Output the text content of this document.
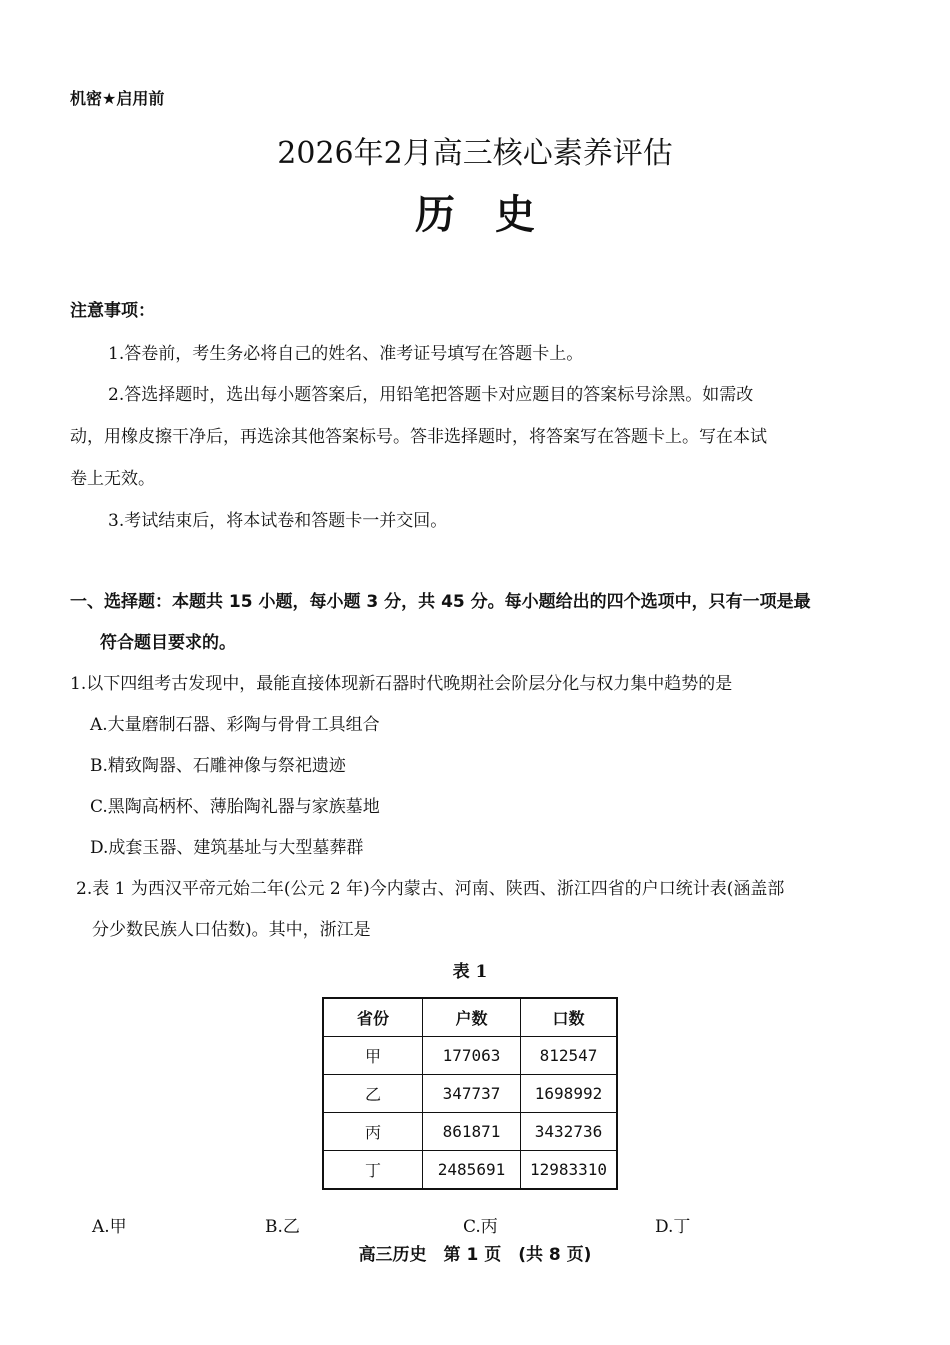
机密★启用前
2026年2月高三核心素养评估
历史
注意事项：
1.答卷前，考生务必将自己的姓名、准考证号填写在答题卡上。
2.答选择题时，选出每小题答案后，用铅笔把答题卡对应题目的答案标号涂黑。如需改
动，用橡皮擦干净后，再选涂其他答案标号。答非选择题时，将答案写在答题卡上。写在本试
卷上无效。
3.考试结束后，将本试卷和答题卡一并交回。
一、选择题：本题共 15 小题，每小题 3 分，共 45 分。每小题给出的四个选项中，只有一项是最
符合题目要求的。
1.以下四组考古发现中，最能直接体现新石器时代晚期社会阶层分化与权力集中趋势的是
A.大量磨制石器、彩陶与骨骨工具组合
B.精致陶器、石雕神像与祭祀遗迹
C.黑陶高柄杯、薄胎陶礼器与家族墓地
D.成套玉器、建筑基址与大型墓葬群
2.表 1 为西汉平帝元始二年(公元 2 年)今内蒙古、河南、陕西、浙江四省的户口统计表(涵盖部
分少数民族人口估数)。其中，浙江是
表 1
省份	户数	口数
甲	177063	812547
乙	347737	1698992
丙	861871	3432736
丁	2485691	12983310
A.甲	B.乙	C.丙	D.丁
高三历史　第 1 页　(共 8 页)
